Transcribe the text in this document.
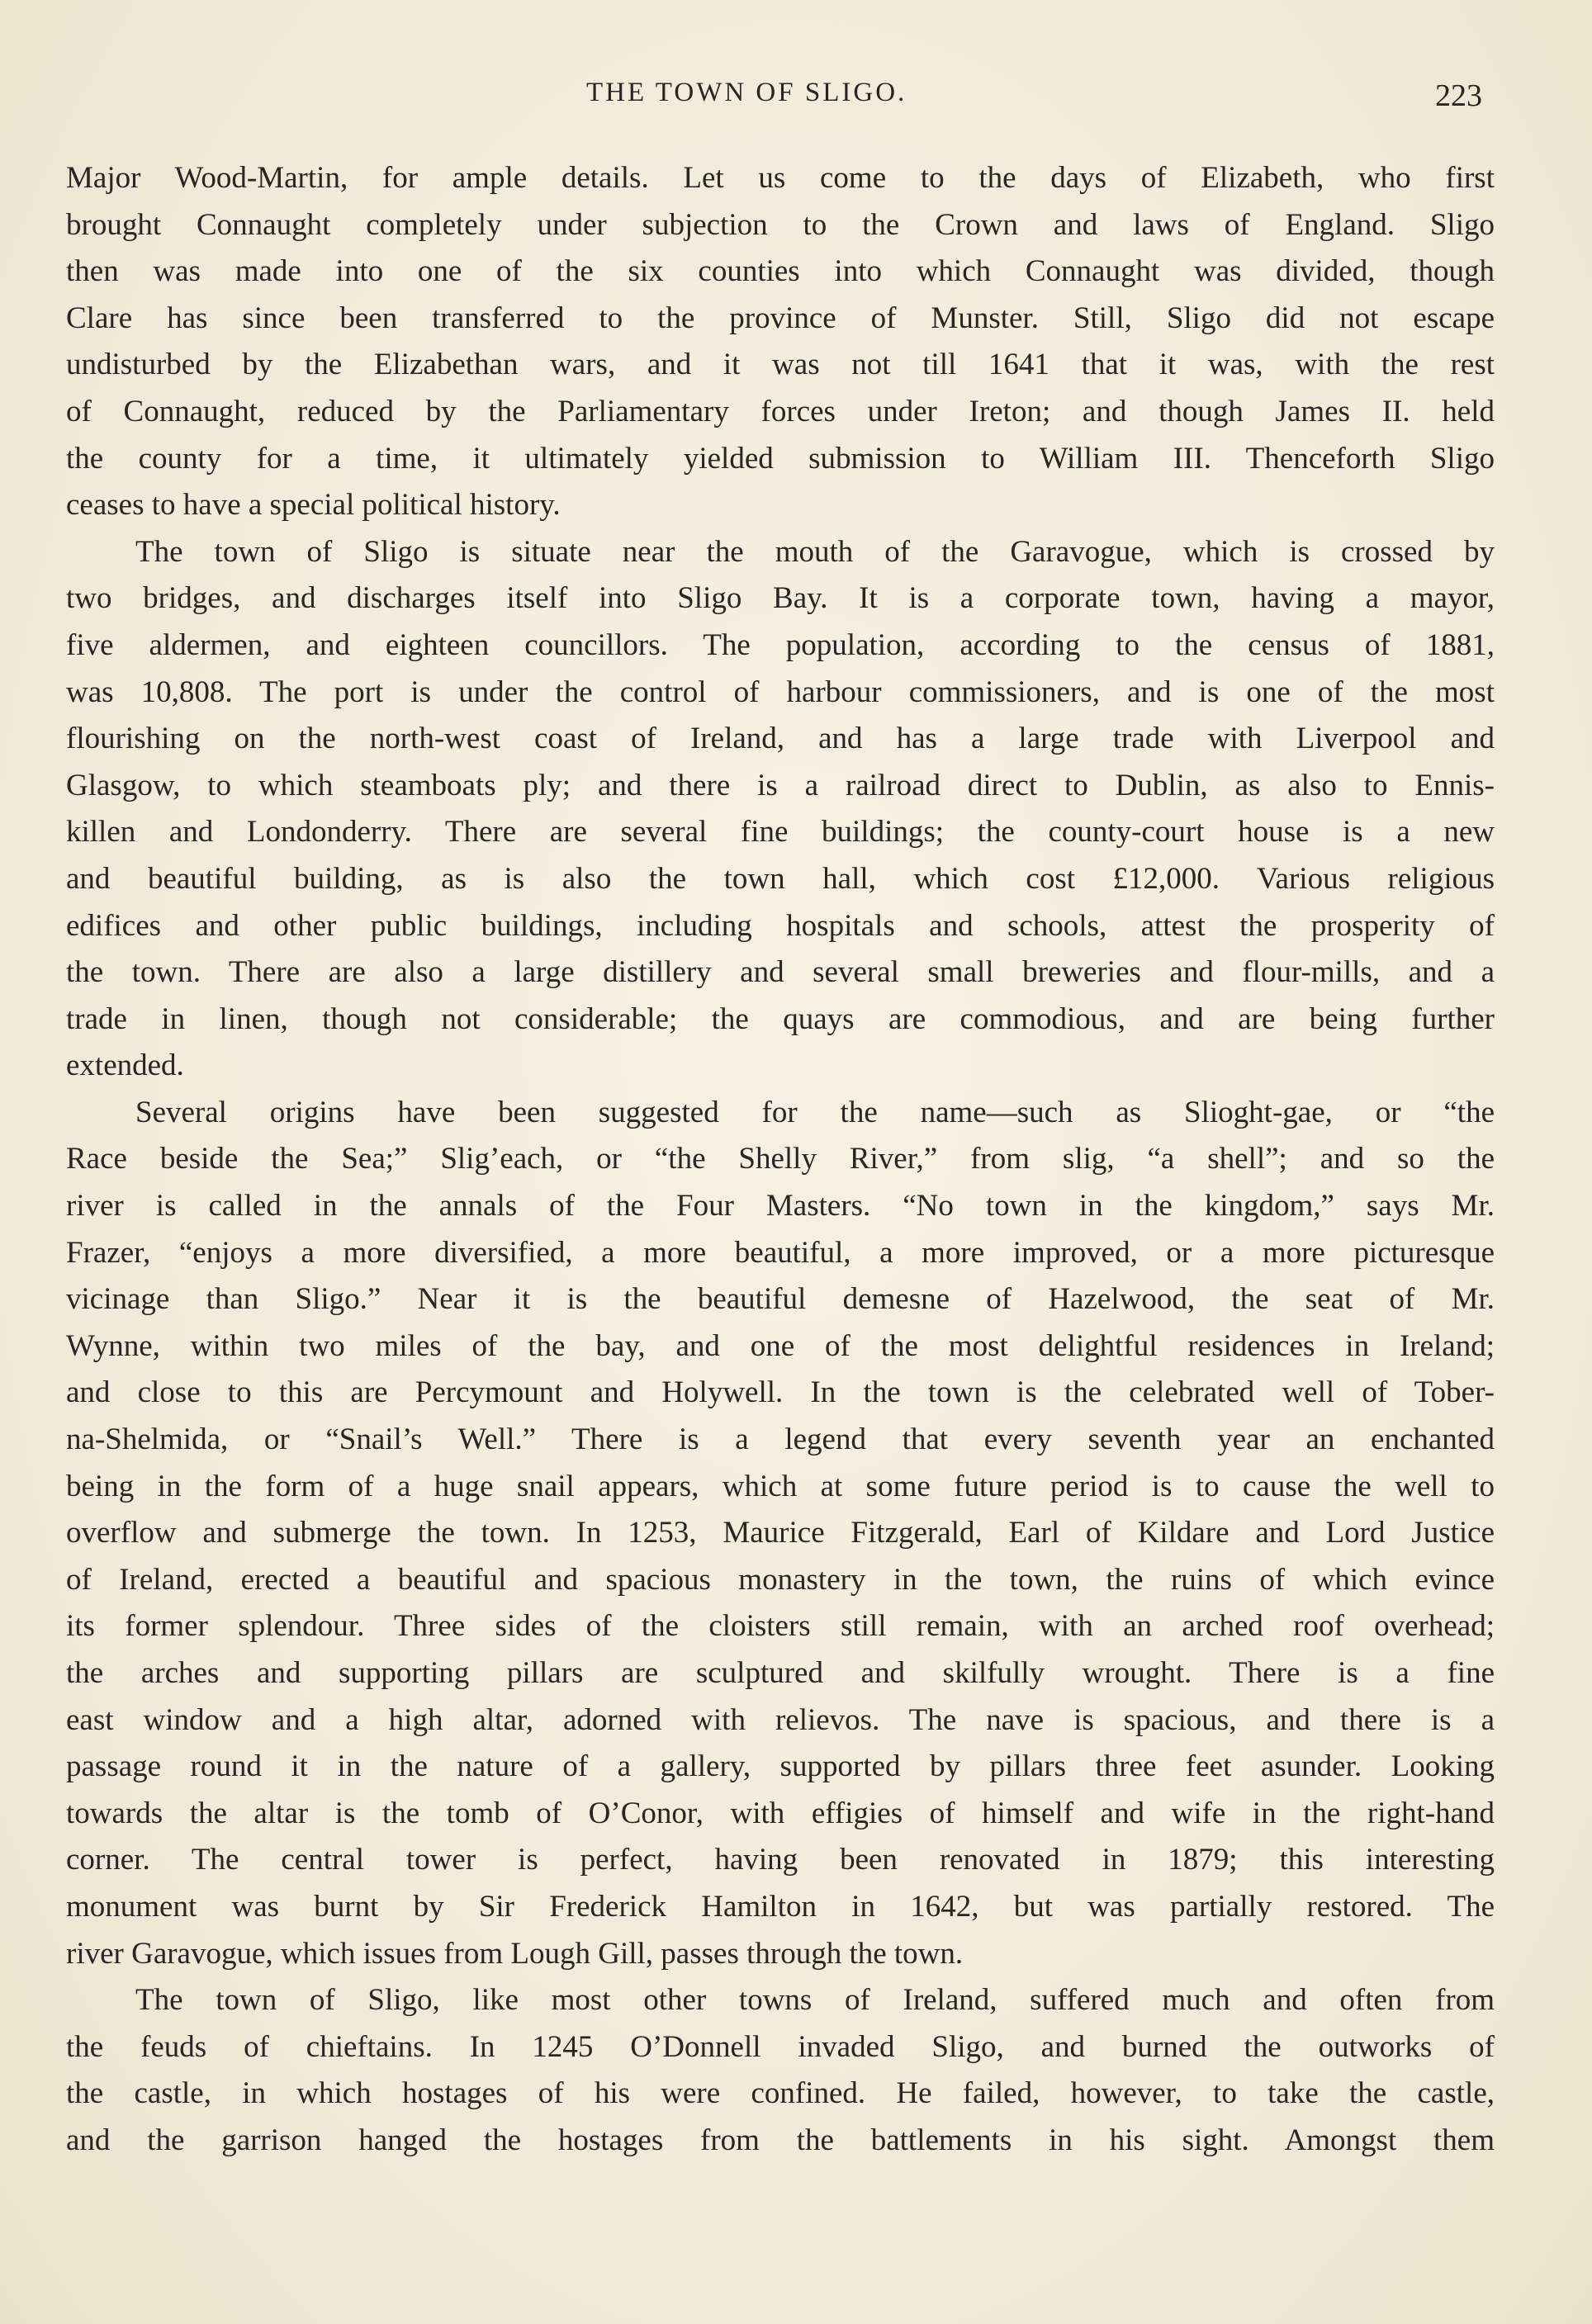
THE TOWN OF SLIGO.	223
Major Wood-Martin, for ample details. Let us come to the days of Elizabeth, who first
brought Connaught completely under subjection to the Crown and laws of England. Sligo
then was made into one of the six counties into which Connaught was divided, though
Clare has since been transferred to the province of Munster. Still, Sligo did not escape
undisturbed by the Elizabethan wars, and it was not till 1641 that it was, with the rest
of Connaught, reduced by the Parliamentary forces under Ireton; and though James II. held
the county for a time, it ultimately yielded submission to William III. Thenceforth Sligo
ceases to have a special political history.
The town of Sligo is situate near the mouth of the Garavogue, which is crossed by
two bridges, and discharges itself into Sligo Bay. It is a corporate town, having a mayor,
five aldermen, and eighteen councillors. The population, according to the census of 1881,
was 10,808. The port is under the control of harbour commissioners, and is one of the most
flourishing on the north-west coast of Ireland, and has a large trade with Liverpool and
Glasgow, to which steamboats ply; and there is a railroad direct to Dublin, as also to Ennis-
killen and Londonderry. There are several fine buildings; the county-court house is a new
and beautiful building, as is also the town hall, which cost £12,000. Various religious
edifices and other public buildings, including hospitals and schools, attest the prosperity of
the town. There are also a large distillery and several small breweries and flour-mills, and a
trade in linen, though not considerable; the quays are commodious, and are being further
extended.
Several origins have been suggested for the name—such as Slioght-gae, or “the
Race beside the Sea;” Slig’each, or “the Shelly River,” from slig, “a shell”; and so the
river is called in the annals of the Four Masters. “No town in the kingdom,” says Mr.
Frazer, “enjoys a more diversified, a more beautiful, a more improved, or a more picturesque
vicinage than Sligo.” Near it is the beautiful demesne of Hazelwood, the seat of Mr.
Wynne, within two miles of the bay, and one of the most delightful residences in Ireland;
and close to this are Percymount and Holywell. In the town is the celebrated well of Tober-
na-Shelmida, or “Snail’s Well.” There is a legend that every seventh year an enchanted
being in the form of a huge snail appears, which at some future period is to cause the well to
overflow and submerge the town. In 1253, Maurice Fitzgerald, Earl of Kildare and Lord Justice
of Ireland, erected a beautiful and spacious monastery in the town, the ruins of which evince
its former splendour. Three sides of the cloisters still remain, with an arched roof overhead;
the arches and supporting pillars are sculptured and skilfully wrought. There is a fine
east window and a high altar, adorned with relievos. The nave is spacious, and there is a
passage round it in the nature of a gallery, supported by pillars three feet asunder. Looking
towards the altar is the tomb of O’Conor, with effigies of himself and wife in the right-hand
corner. The central tower is perfect, having been renovated in 1879; this interesting
monument was burnt by Sir Frederick Hamilton in 1642, but was partially restored. The
river Garavogue, which issues from Lough Gill, passes through the town.
The town of Sligo, like most other towns of Ireland, suffered much and often from
the feuds of chieftains. In 1245 O’Donnell invaded Sligo, and burned the outworks of
the castle, in which hostages of his were confined. He failed, however, to take the castle,
and the garrison hanged the hostages from the battlements in his sight. Amongst them
